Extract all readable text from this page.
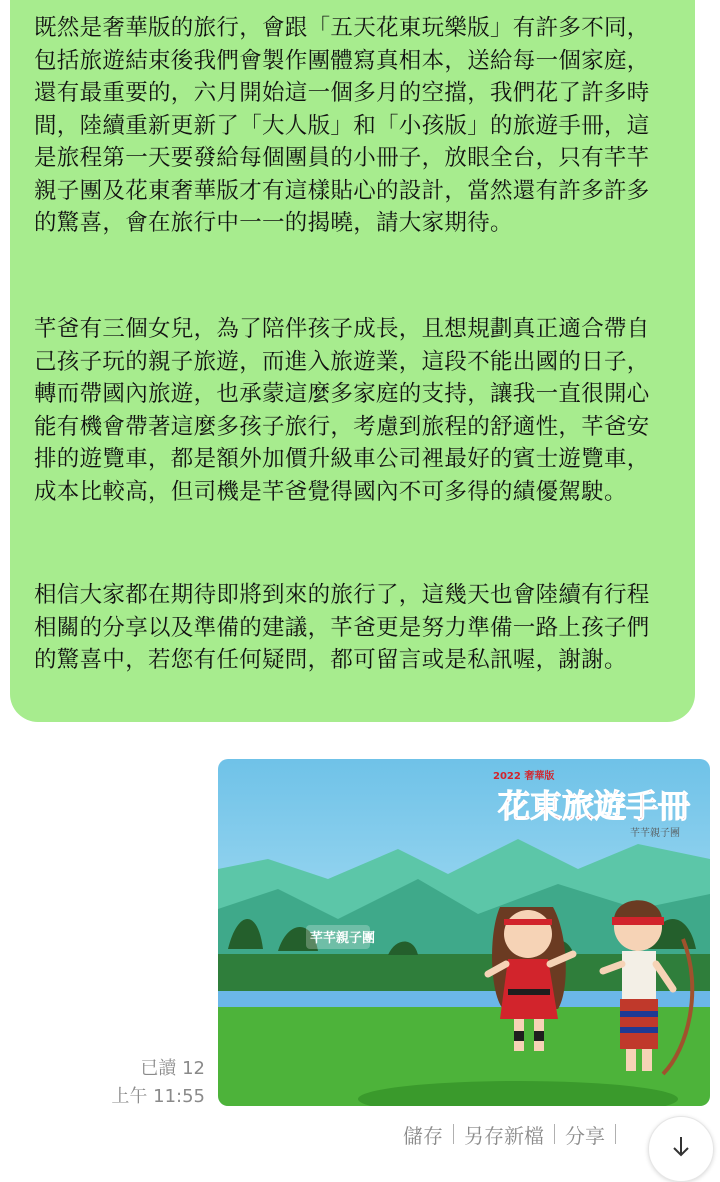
既然是奢華版的旅行，會跟「五天花東玩樂版」有許多不同，包括旅遊結束後我們會製作團體寫真相本，送給每一個家庭，還有最重要的，六月開始這一個多月的空擋，我們花了許多時間，陸續重新更新了「大人版」和「小孩版」的旅遊手冊，這是旅程第一天要發給每個團員的小冊子，放眼全台，只有芊芊親子團及花東奢華版才有這樣貼心的設計，當然還有許多許多的驚喜，會在旅行中一一的揭曉，請大家期待。

芊爸有三個女兒，為了陪伴孩子成長，且想規劃真正適合帶自己孩子玩的親子旅遊，而進入旅遊業，這段不能出國的日子，轉而帶國內旅遊，也承蒙這麼多家庭的支持，讓我一直很開心能有機會帶著這麼多孩子旅行，考慮到旅程的舒適性，芊爸安排的遊覽車，都是額外加價升級車公司裡最好的賓士遊覽車，成本比較高，但司機是芊爸覺得國內不可多得的績優駕駛。

相信大家都在期待即將到來的旅行了，這幾天也會陸續有行程相關的分享以及準備的建議，芊爸更是努力準備一路上孩子們的驚喜中，若您有任何疑問，都可留言或是私訊喔，謝謝。

已讀 12
上午 11:55
2022 奢華版
花東旅遊手冊
芊芊親子團
芊芊親子團
儲存 另存新檔 分享
